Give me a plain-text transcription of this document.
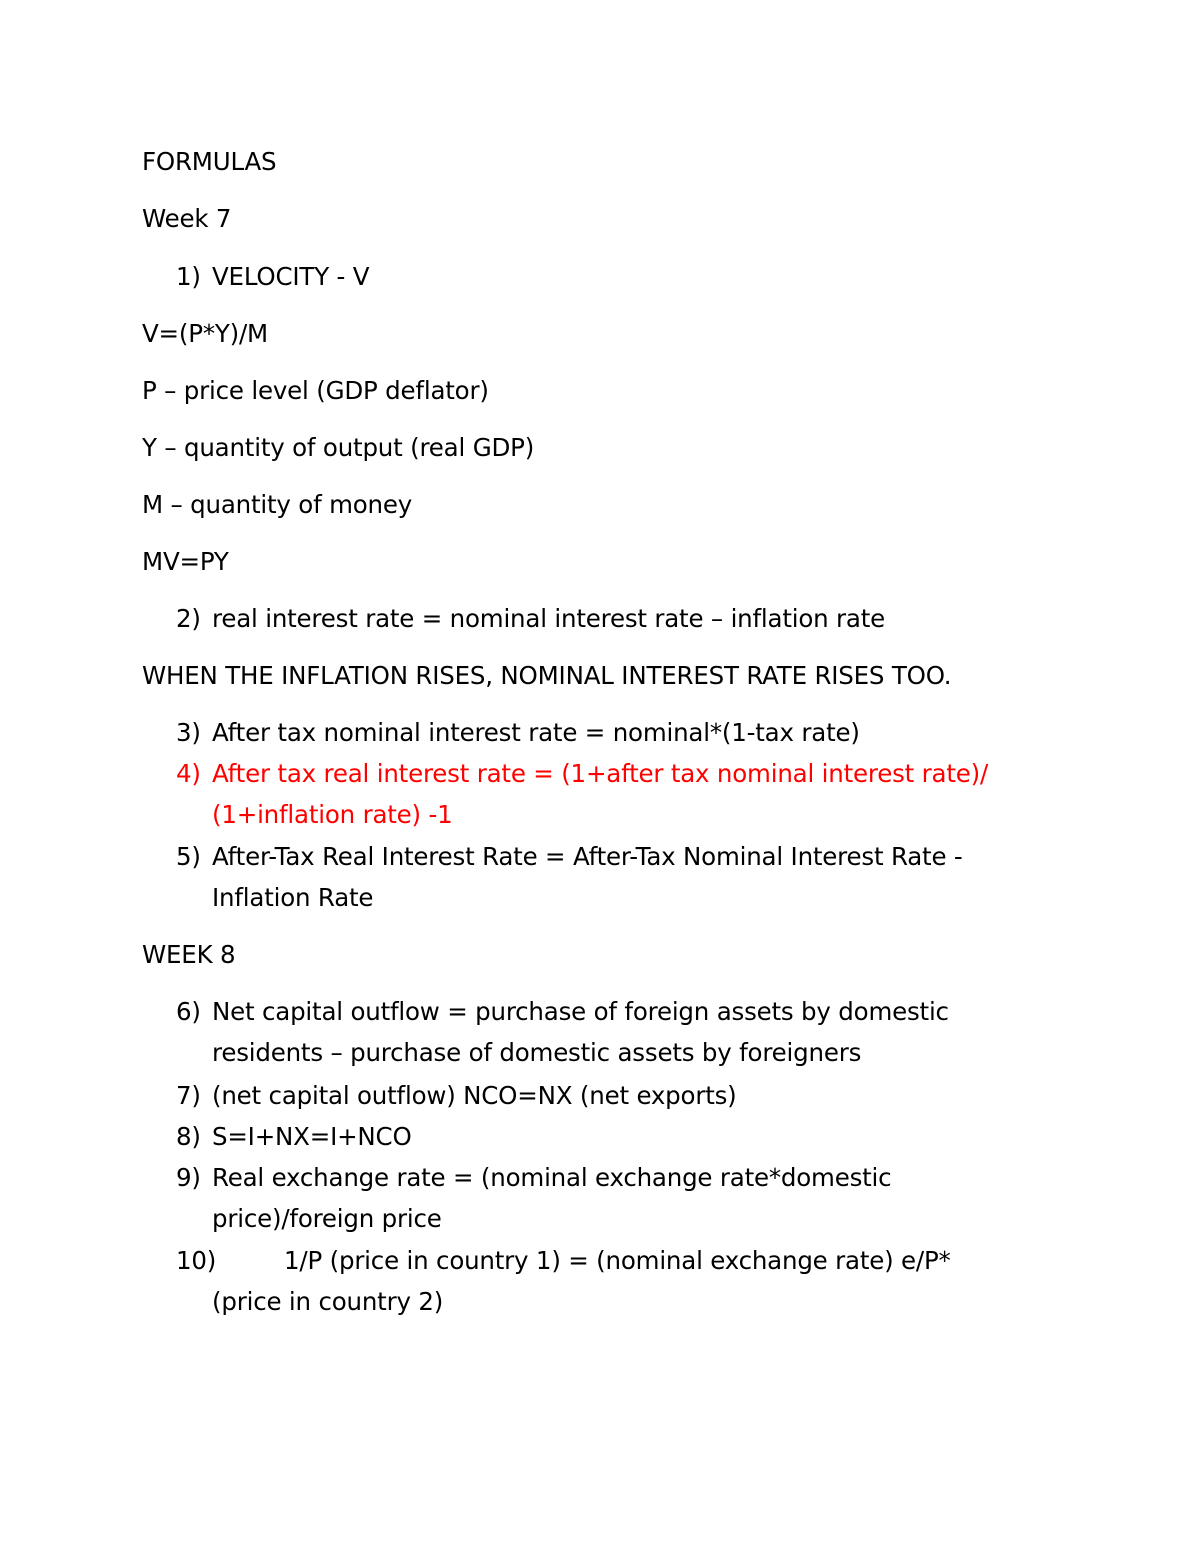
FORMULAS
Week 7
1) VELOCITY - V
V=(P*Y)/M
P – price level (GDP deflator)
Y – quantity of output (real GDP)
M – quantity of money
MV=PY
2) real interest rate = nominal interest rate – inflation rate
WHEN THE INFLATION RISES, NOMINAL INTEREST RATE RISES TOO.
3) After tax nominal interest rate = nominal*(1-tax rate)
4) After tax real interest rate = (1+after tax nominal interest rate)/
(1+inflation rate) -1
5) After-Tax Real Interest Rate = After-Tax Nominal Interest Rate -
Inflation Rate
WEEK 8
6) Net capital outflow = purchase of foreign assets by domestic
residents – purchase of domestic assets by foreigners
7) (net capital outflow) NCO=NX (net exports)
8) S=I+NX=I+NCO
9) Real exchange rate = (nominal exchange rate*domestic
price)/foreign price
10)	1/P (price in country 1) = (nominal exchange rate) e/P*
(price in country 2)
